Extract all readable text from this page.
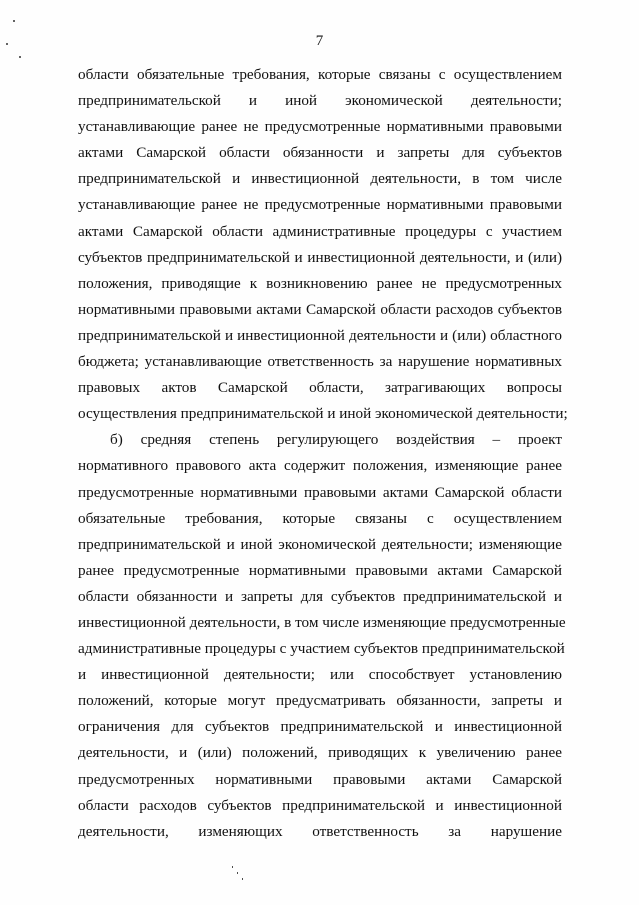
7
области обязательные требования, которые связаны с осуществлением
предпринимательской и иной экономической деятельности;
устанавливающие ранее не предусмотренные нормативными правовыми
актами Самарской области обязанности и запреты для субъектов
предпринимательской и инвестиционной деятельности, в том числе
устанавливающие ранее не предусмотренные нормативными правовыми
актами Самарской области административные процедуры с участием
субъектов предпринимательской и инвестиционной деятельности, и (или)
положения, приводящие к возникновению ранее не предусмотренных
нормативными правовыми актами Самарской области расходов субъектов
предпринимательской и инвестиционной деятельности и (или) областного
бюджета; устанавливающие ответственность за нарушение нормативных
правовых актов Самарской области, затрагивающих вопросы
осуществления предпринимательской и иной экономической деятельности;
б) средняя степень регулирующего воздействия – проект
нормативного правового акта содержит положения, изменяющие ранее
предусмотренные нормативными правовыми актами Самарской области
обязательные требования, которые связаны с осуществлением
предпринимательской и иной экономической деятельности; изменяющие
ранее предусмотренные нормативными правовыми актами Самарской
области обязанности и запреты для субъектов предпринимательской и
инвестиционной деятельности, в том числе изменяющие предусмотренные
административные процедуры с участием субъектов предпринимательской
и инвестиционной деятельности; или способствует установлению
положений, которые могут предусматривать обязанности, запреты и
ограничения для субъектов предпринимательской и инвестиционной
деятельности, и (или) положений, приводящих к увеличению ранее
предусмотренных нормативными правовыми актами Самарской
области расходов субъектов предпринимательской и инвестиционной
деятельности, изменяющих ответственность за нарушение
